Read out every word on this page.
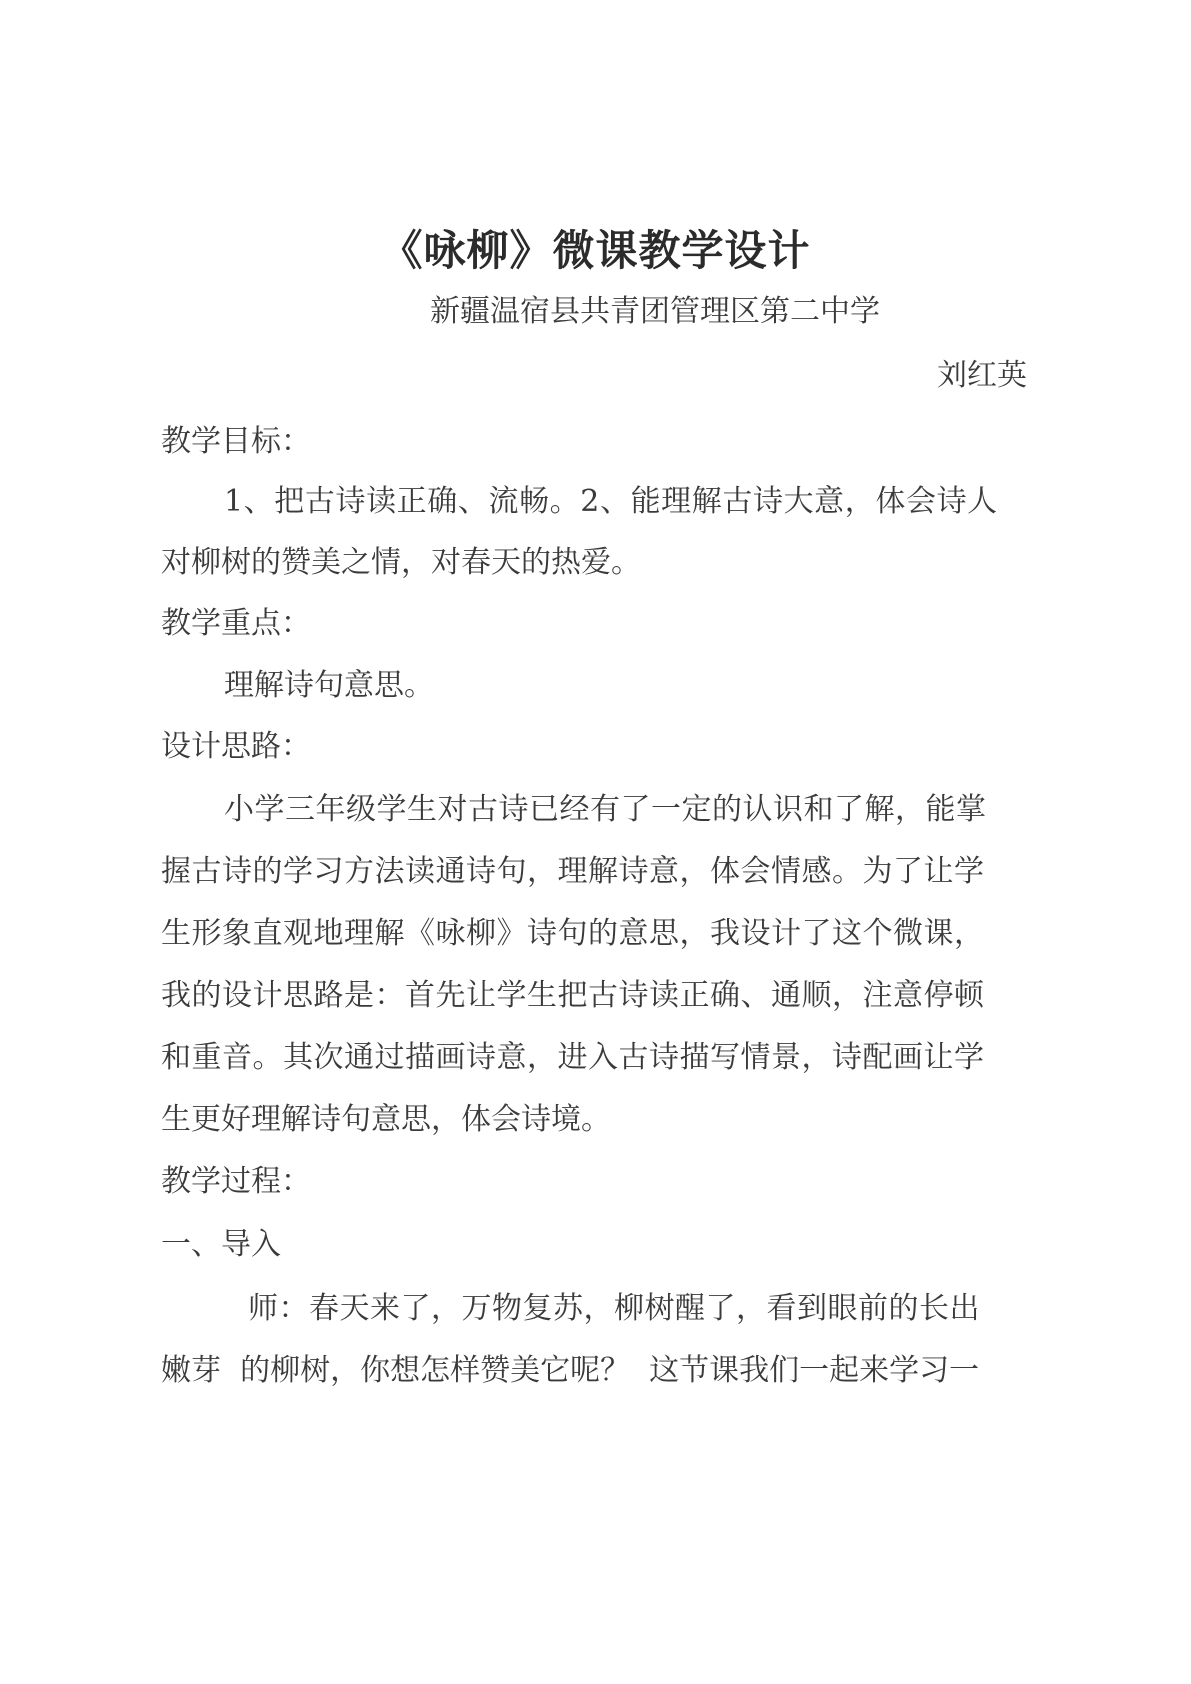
《咏柳》微课教学设计
新疆温宿县共青团管理区第二中学
刘红英
教学目标：
1、把古诗读正确、流畅。2、能理解古诗大意，体会诗人
对柳树的赞美之情，对春天的热爱。
教学重点：
理解诗句意思。
设计思路：
小学三年级学生对古诗已经有了一定的认识和了解，能掌
握古诗的学习方法读通诗句，理解诗意，体会情感。为了让学
生形象直观地理解《咏柳》诗句的意思，我设计了这个微课，
我的设计思路是：首先让学生把古诗读正确、通顺，注意停顿
和重音。其次通过描画诗意，进入古诗描写情景，诗配画让学
生更好理解诗句意思，体会诗境。
教学过程：
一、导入
师：春天来了，万物复苏，柳树醒了，看到眼前的长出
嫩芽  的柳树，你想怎样赞美它呢？  这节课我们一起来学习一
